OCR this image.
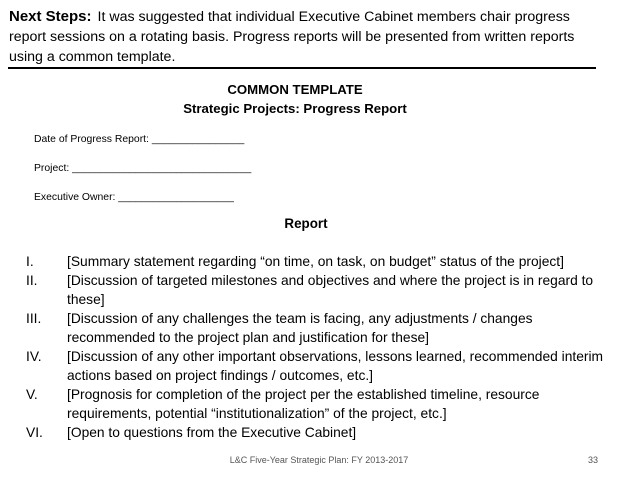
Next Steps: It was suggested that individual Executive Cabinet members chair progress report sessions on a rotating basis. Progress reports will be presented from written reports using a common template.
COMMON TEMPLATE
Strategic Projects: Progress Report
Date of Progress Report: ________________
Project: _______________________________
Executive Owner: ____________________
Report
I. [Summary statement regarding “on time, on task, on budget” status of the project]
II. [Discussion of targeted milestones and objectives and where the project is in regard to these]
III. [Discussion of any challenges the team is facing, any adjustments / changes recommended to the project plan and justification for these]
IV. [Discussion of any other important observations, lessons learned, recommended interim actions based on project findings / outcomes, etc.]
V. [Prognosis for completion of the project per the established timeline, resource requirements, potential “institutionalization” of the project, etc.]
VI. [Open to questions from the Executive Cabinet]
L&C Five-Year Strategic Plan: FY 2013-2017	33
